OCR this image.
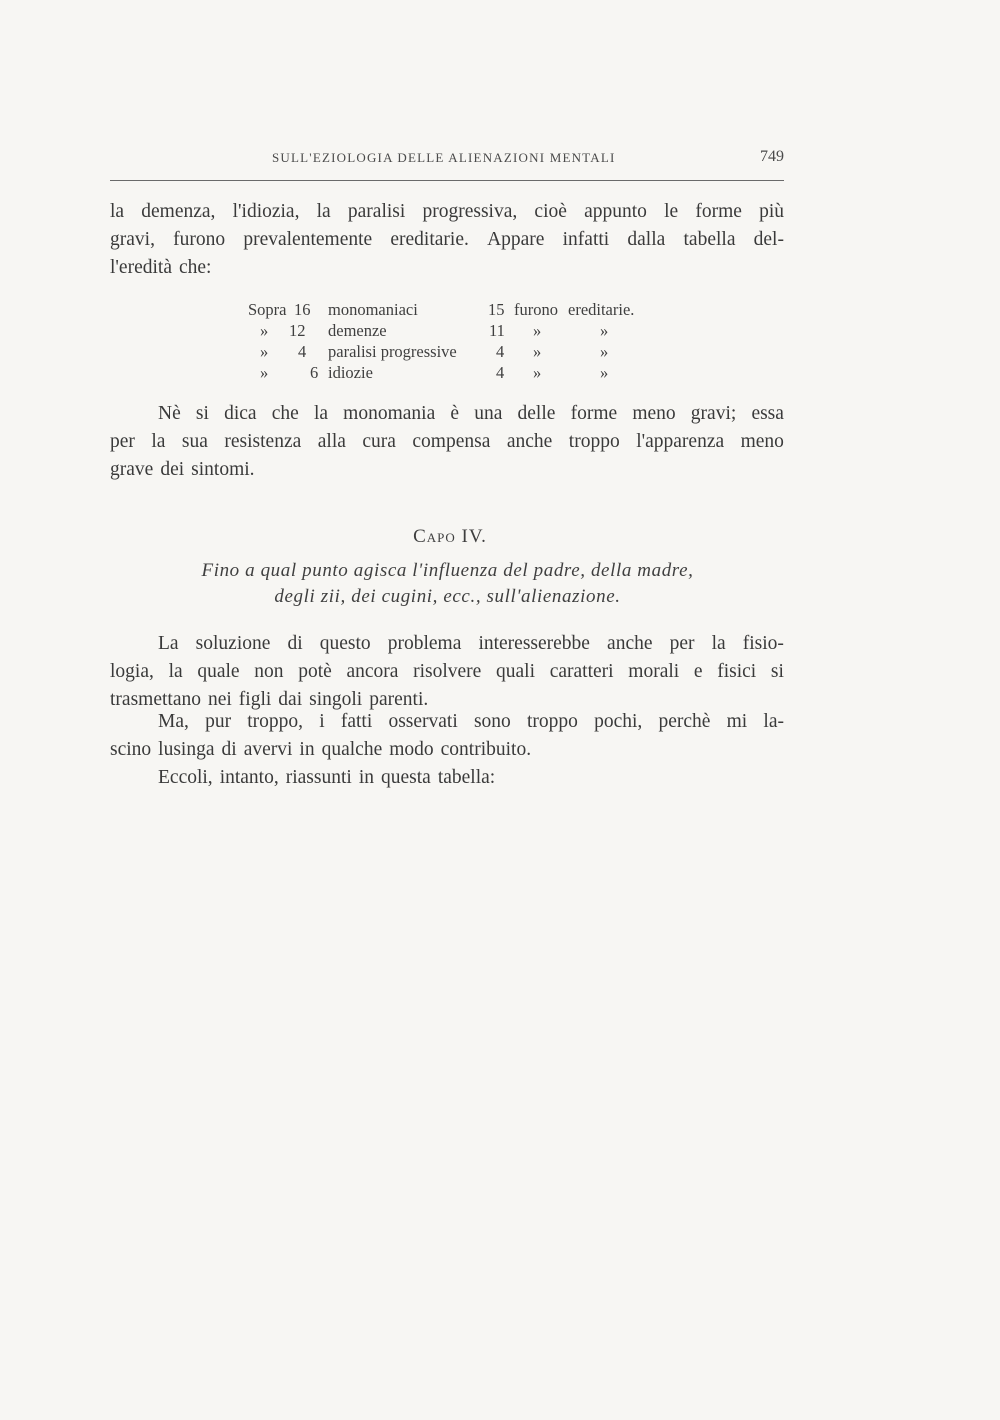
SULL'EZIOLOGIA DELLE ALIENAZIONI MENTALI	749
la demenza, l'idiozia, la paralisi progressiva, cioè appunto le forme più
gravi, furono prevalentemente ereditarie. Appare infatti dalla tabella del-
l'eredità che:
Sopra 16 monomaniaci	15 furono ereditarie.
» 12 demenze	11 »	»
» 4 paralisi progressive 4 »	»
»	6 idiozie	4 »	»
Nè si dica che la monomania è una delle forme meno gravi; essa
per la sua resistenza alla cura compensa anche troppo l'apparenza meno
grave dei sintomi.
Capo IV.
Fino a qual punto agisca l'influenza del padre, della madre,
degli zii, dei cugini, ecc., sull'alienazione.
La soluzione di questo problema interesserebbe anche per la fisio-
logia, la quale non potè ancora risolvere quali caratteri morali e fisici si
trasmettano nei figli dai singoli parenti.
Ma, pur troppo, i fatti osservati sono troppo pochi, perchè mi la-
scino lusinga di avervi in qualche modo contribuito.
Eccoli, intanto, riassunti in questa tabella:
